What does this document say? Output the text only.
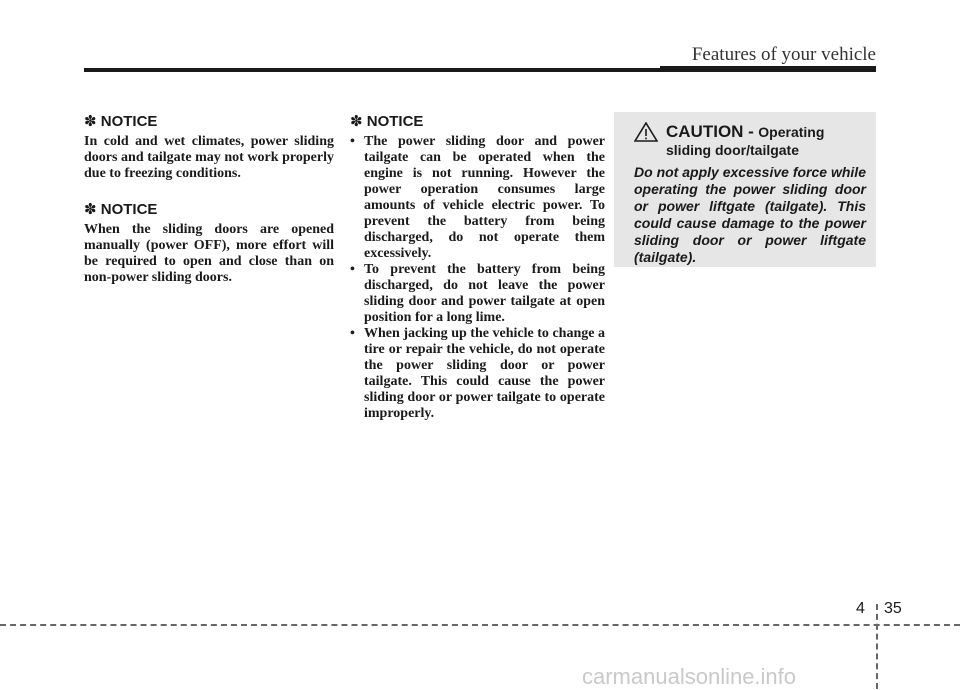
Features of your vehicle
✽ NOTICE

In cold and wet climates, power sliding doors and tailgate may not work properly due to freezing conditions.

✽ NOTICE

When the sliding doors are opened manually (power OFF), more effort will be required to open and close than on non-power sliding doors.

✽ NOTICE
• The power sliding door and power tailgate can be operated when the engine is not running. However the power operation consumes large amounts of vehicle electric power. To prevent the battery from being discharged, do not operate them excessively.
• To prevent the battery from being discharged, do not leave the power sliding door and power tailgate at open position for a long lime.
• When jacking up the vehicle to change a tire or repair the vehicle, do not operate the power sliding door or power tailgate. This could cause the power sliding door or power tailgate to operate improperly.
CAUTION - Operating
sliding door/tailgate
Do not apply excessive force while operating the power sliding door or power liftgate (tailgate). This could cause damage to the power sliding door or power liftgate (tailgate).
4 35
carmanualsonline.info
